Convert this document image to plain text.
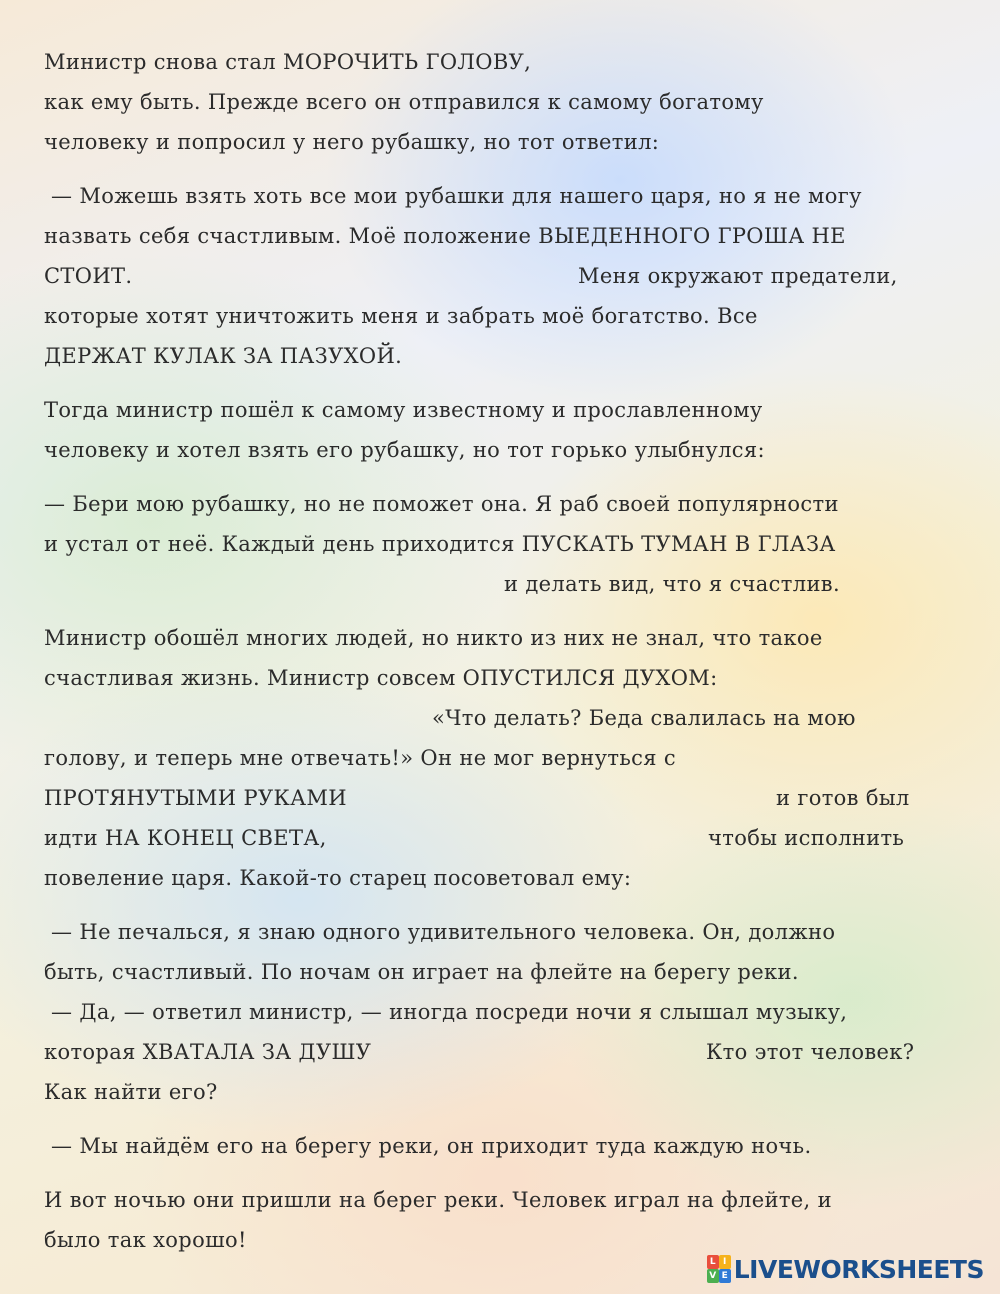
Министр снова стал МОРОЧИТЬ ГОЛОВУ,
как ему быть. Прежде всего он отправился к самому богатому
человеку и попросил у него рубашку, но тот ответил:
— Можешь взять хоть все мои рубашки для нашего царя, но я не могу
назвать себя счастливым. Моё положение ВЫЕДЕННОГО ГРОША НЕ
СТОИТ.	Меня окружают предатели,
которые хотят уничтожить меня и забрать моё богатство. Все
ДЕРЖАТ КУЛАК ЗА ПАЗУХОЙ.
Тогда министр пошёл к самому известному и прославленному
человеку и хотел взять его рубашку, но тот горько улыбнулся:
— Бери мою рубашку, но не поможет она. Я раб своей популярности
и устал от неё. Каждый день приходится ПУСКАТЬ ТУМАН В ГЛАЗА
и делать вид, что я счастлив.
Министр обошёл многих людей, но никто из них не знал, что такое
счастливая жизнь. Министр совсем ОПУСТИЛСЯ ДУХОМ:
«Что делать? Беда свалилась на мою
голову, и теперь мне отвечать!» Он не мог вернуться с
ПРОТЯНУТЫМИ РУКАМИ	и готов был
идти НА КОНЕЦ СВЕТА,	чтобы исполнить
повеление царя. Какой-то старец посоветовал ему:
— Не печалься, я знаю одного удивительного человека. Он, должно
быть, счастливый. По ночам он играет на флейте на берегу реки.
— Да, — ответил министр, — иногда посреди ночи я слышал музыку,
которая ХВАТАЛА ЗА ДУШУ	Кто этот человек?
Как найти его?
— Мы найдём его на берегу реки, он приходит туда каждую ночь.
И вот ночью они пришли на берег реки. Человек играл на флейте, и
было так хорошо!
L I
V E LIVEWORKSHEETS
